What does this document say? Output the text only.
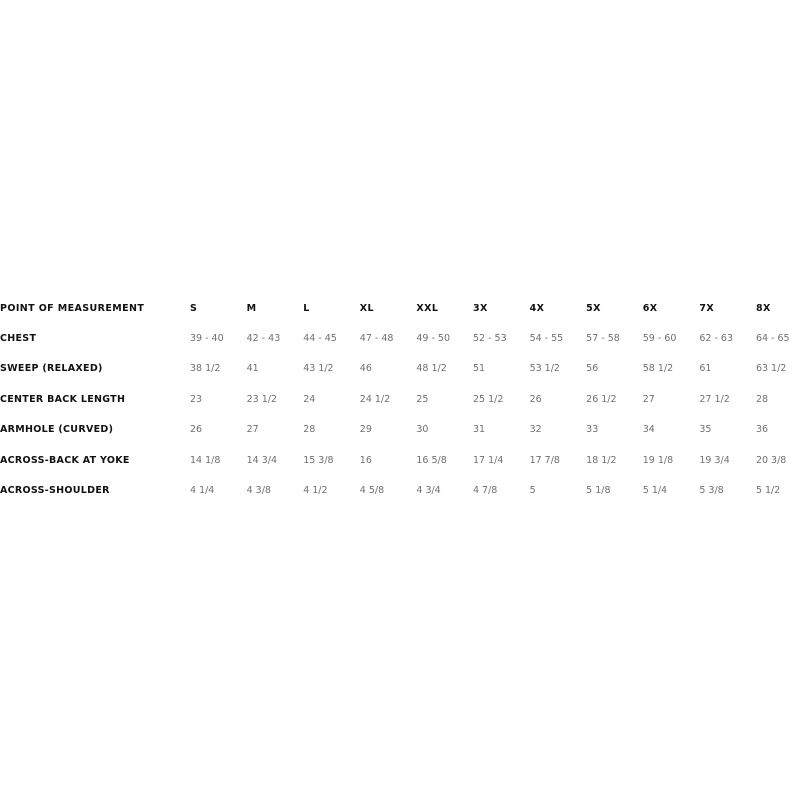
POINT OF MEASUREMENT	S	M	L	XL	XXL	3X	4X	5X	6X	7X	8X
CHEST	39 - 40	42 - 43	44 - 45	47 - 48	49 - 50	52 - 53	54 - 55	57 - 58	59 - 60	62 - 63	64 - 65
SWEEP (RELAXED)	38 1/2	41	43 1/2	46	48 1/2	51	53 1/2	56	58 1/2	61	63 1/2
CENTER BACK LENGTH	23	23 1/2	24	24 1/2	25	25 1/2	26	26 1/2	27	27 1/2	28
ARMHOLE (CURVED)	26	27	28	29	30	31	32	33	34	35	36
ACROSS-BACK AT YOKE	14 1/8	14 3/4	15 3/8	16	16 5/8	17 1/4	17 7/8	18 1/2	19 1/8	19 3/4	20 3/8
ACROSS-SHOULDER	4 1/4	4 3/8	4 1/2	4 5/8	4 3/4	4 7/8	5	5 1/8	5 1/4	5 3/8	5 1/2
